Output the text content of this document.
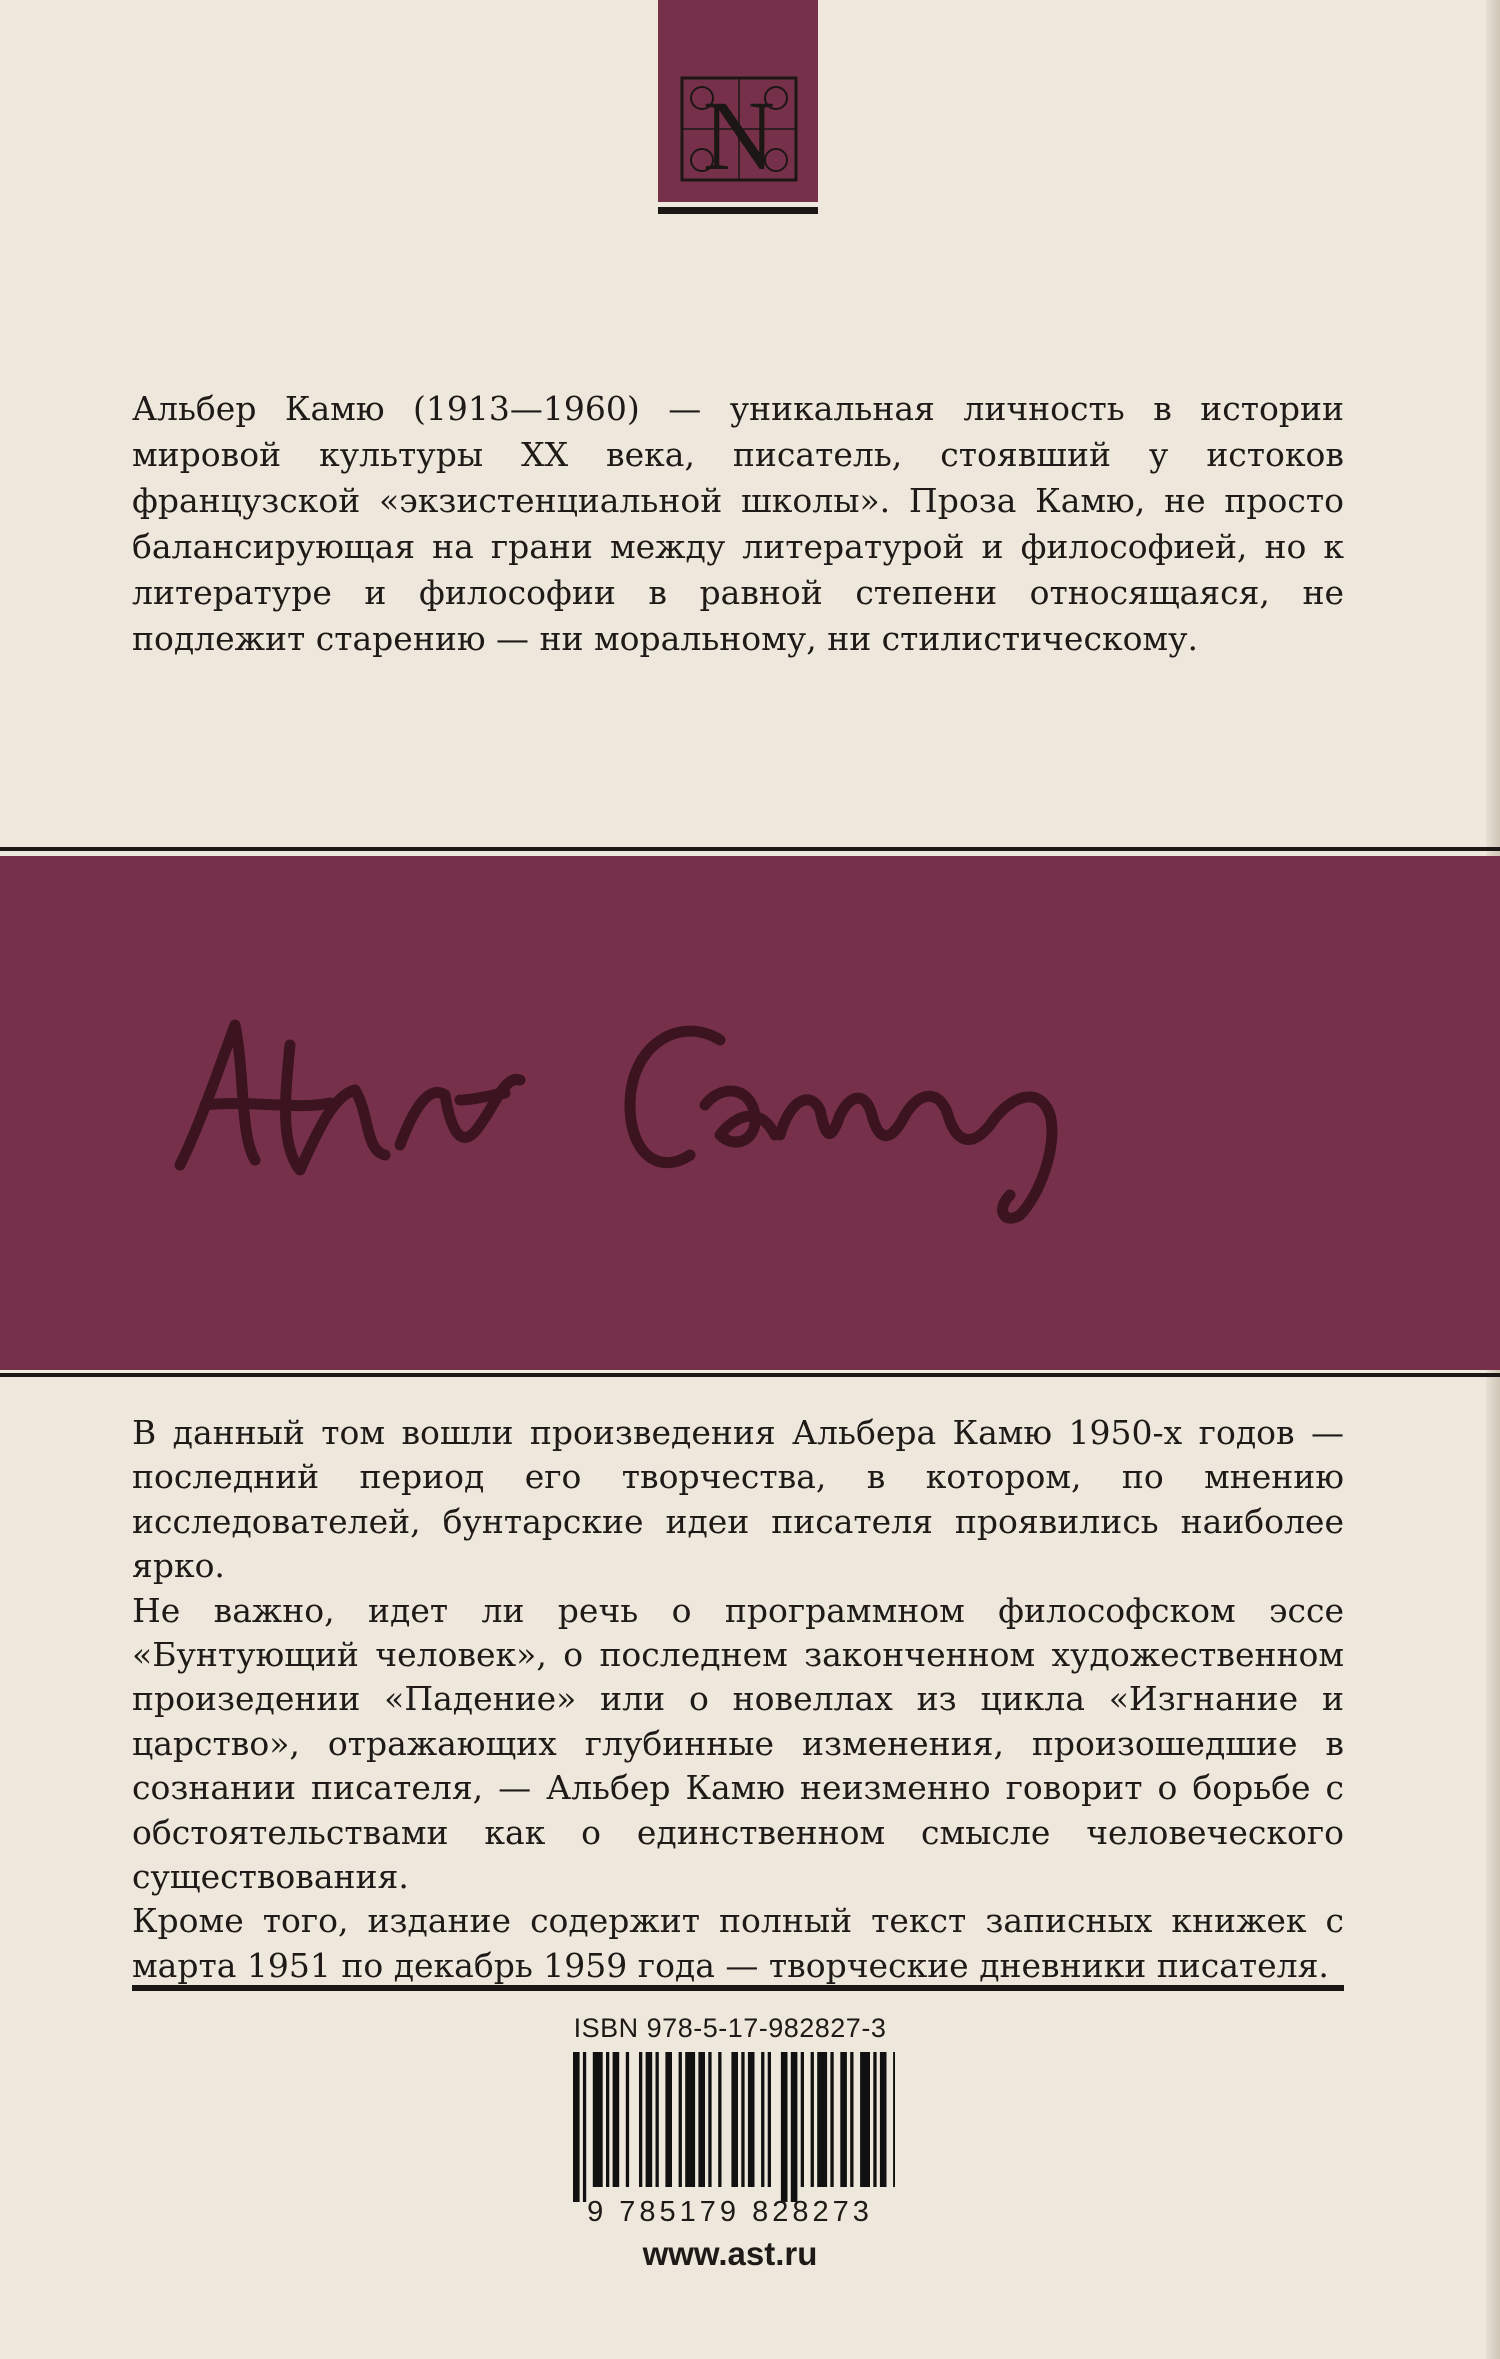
N

Альбер Камю (1913—1960) — уникальная личность в истории мировой культуры XX века, писатель, стоявший у истоков французской «экзистенциальной школы». Проза Камю, не просто балансирующая на грани между литературой и философией, но к литературе и философии в равной степени относящаяся, не подлежит старению — ни моральному, ни стилистическому.

В данный том вошли произведения Альбера Камю 1950-х годов — последний период его творчества, в котором, по мнению исследователей, бунтарские идеи писателя проявились наиболее ярко.

Не важно, идет ли речь о программном философском эссе «Бунтующий человек», о последнем законченном художественном произедении «Падение» или о новеллах из цикла «Изгнание и царство», отражающих глубинные изменения, произошедшие в сознании писателя, — Альбер Камю неизменно говорит о борьбе с обстоятельствами как о единственном смысле человеческого существования.

Кроме того, издание содержит полный текст записных книжек с марта 1951 по декабрь 1959 года — творческие дневники писателя.

ISBN 978-5-17-982827-3
9 785179 828273
www.ast.ru
